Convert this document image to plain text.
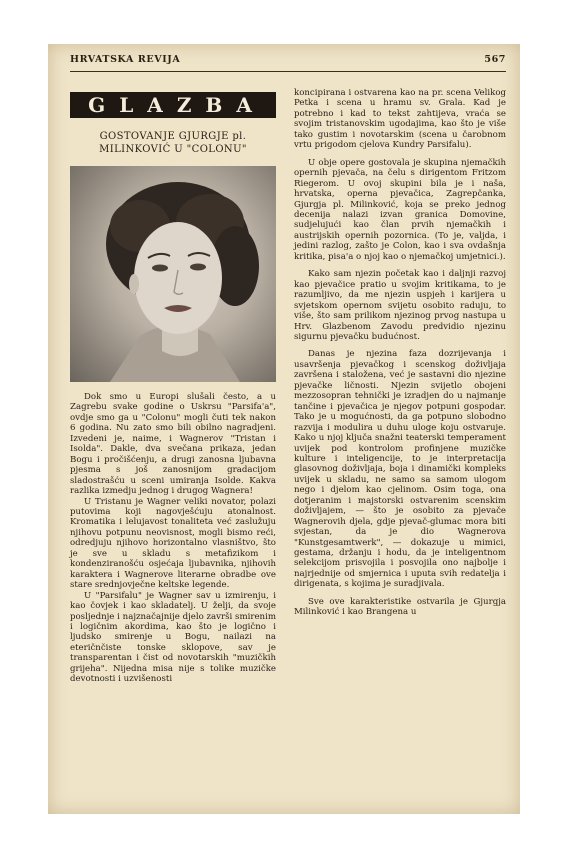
HRVATSKA REVIJA	567
GLAZBA
GOSTOVANJE GJURGJE pl. MILINKOVIĆ U "COLONU"

Dok smo u Europi slušali često, a u Zagrebu svake godine o Uskrsu "Parsifa'a", ovdje smo ga u "Colonu" mogli čuti tek nakon 6 godina. Nu zato smo bili obilno nagradjeni. Izvedeni je, naime, i Wagnerov "Tristan i Isolda". Dakle, dva svečana prikaza, jedan Bogu i pročišćenju, a drugi zanosna ljubavna pjesma s još zanosnijom gradacijom sladostrašću u sceni umiranja Isolde. Kakva razlika izmedju jednog i drugog Wagnera!

U Tristanu je Wagner veliki novator, polazi putovima koji nagovješćuju atonalnost. Kromatika i lelujavost tonaliteta već zaslužuju njihovu potpunu neovisnost, mogli bismo reći, odredjuju njihovo horizontalno vlasništvo, što je sve u skladu s metafizikom i kondenziranošću osjećaja ljubavnika, njihovih karaktera i Wagnerove literarne obradbe ove stare srednjovječne keltske legende.

U "Parsifalu" je Wagner sav u izmirenju, i kao čovjek i kao skladatelj. U želji, da svoje posljednje i najznačajnije djelo završi smirenim i logičnim akordima, kao što je logično i ljudsko smirenje u Bogu, nailazi na eteričnčiste tonske sklopove, sav je transparentan i čist od novotarskih "muzičkih grijeha". Nijedna misa nije s tolike muzičke devotnosti i uzvišenosti

koncipirana i ostvarena kao na pr. scena Velikog Petka i scena u hramu sv. Grala. Kad je potrebno i kad to tekst zahtijeva, vraća se svojim tristanovskim ugodajima, kao što je više tako gustim i novotarskim (scena u čarobnom vrtu prigodom cjelova Kundry Parsifalu).

U obje opere gostovala je skupina njemačkih opernih pjevača, na čelu s dirigentom Fritzom Riegerom. U ovoj skupini bila je i naša, hrvatska, operna pjevačica, Zagrepčanka, Gjurgja pl. Milinković, koja se preko jednog decenija nalazi izvan granica Domovine, sudjelujući kao član prvih njemačkih i austrijskih opernih pozornica. (To je, valjda, i jedini razlog, zašto je Colon, kao i sva ovdašnja kritika, pisa'a o njoj kao o njemačkoj umjetnici.).

Kako sam njezin početak kao i daljnji razvoj kao pjevačice pratio u svojim kritikama, to je razumljivo, da me njezin uspjeh i karijera u svjetskom opernom svijetu osobito raduju, to više, što sam prilikom njezinog prvog nastupa u Hrv. Glazbenom Zavodu predvidio njezinu sigurnu pjevačku budućnost.

Danas je njezina faza dozrijevanja i usavršenja pjevačkog i scenskog doživljaja završena i staložena, već je sastavni dio njezine pjevačke ličnosti. Njezin svijetlo obojeni mezzosopran tehnički je izradjen do u najmanje tančine i pjevačica je njegov potpuni gospodar. Tako je u mogućnosti, da ga potpuno slobodno razvija i modulira u duhu uloge koju ostvaruje. Kako u njoj ključa snažni teaterski temperament uvijek pod kontrolom profinjene muzičke kulture i inteligencije, to je interpretacija glasovnog doživljaja, boja i dinamički kompleks uvijek u skladu, ne samo sa samom ulogom nego i djelom kao cjelinom. Osim toga, ona dotjeranim i majstorski ostvarenim scenskim doživljajem, — što je osobito za pjevače Wagnerovih djela, gdje pjevač-glumac mora biti svjestan, da je dio Wagnerova "Kunstgesamtwerk", — dokazuje u mimici, gestama, držanju i hodu, da je inteligentnom selekcijom prisvojila i posvojila ono najbolje i najrjednije od smjernica i uputa svih redatelja i dirigenata, s kojima je suradjivala.

Sve ove karakteristike ostvarila je Gjurgja Milinković i kao Brangena u
